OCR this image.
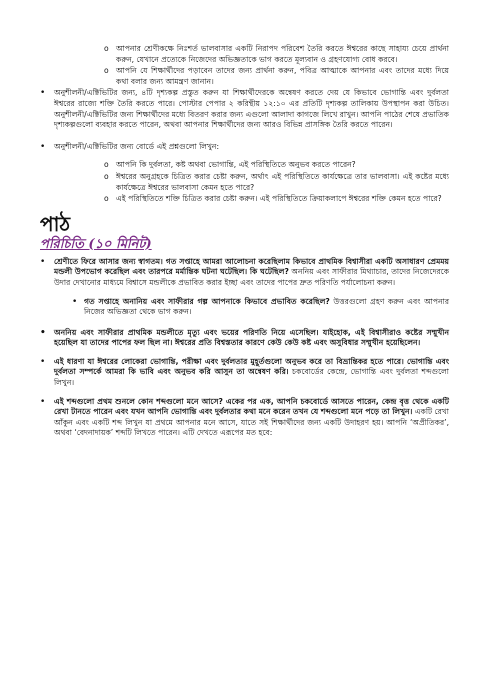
o আপনার শ্রেণীকক্ষে নিঃশর্ত ভালবাসার একটি নিরাপদ পরিবেশ তৈরি করতে ঈশ্বরের কাছে সাহায্য চেয়ে প্রার্থনা করুন, যেখানে প্রত্যেকে নিজেদের অভিজ্ঞতাকে ভাগ করতে মূল্যবান ও গ্রহণযোগ্য বোধ করবে।
o আপনি যে শিক্ষার্থীদের পড়াবেন তাদের জন্য প্রার্থনা করুন, পবিত্র আত্মাকে আপনার এবং তাদের মধ্যে দিয়ে কথা বলার জন্য আমন্ত্রণ জানান।
• অনুশীলনী/এক্টিভিটির জন্য, ৪টি দৃশ্যকল্প প্রস্তুত করুন যা শিক্ষার্থীদেরকে অন্বেষণ করতে দেয় যে কিভাবে ভোগান্তি এবং দুর্বলতা ঈশ্বরের রাজ্যে শক্তি তৈরি করতে পারে। পোস্টার পেপার ২ করিন্থীয় ১২:১০ এর প্রতিটি দৃশ্যকল্প তালিকায় উপস্থাপন করা উচিত। অনুশীলনী/এক্টিভিটির জন্য শিক্ষার্থীদের মধ্যে বিতরণ করার জন্য এগুলো আলাদা কাগজে লিখে রাখুন। আপনি পাঠের শেষে প্রভাতিক দৃশ্যকল্পগুলো ব্যবহার করতে পারেন, অথবা আপনার শিক্ষার্থীদের জন্য আরও বিভিন্ন প্রাসঙ্গিক তৈরি করতে পারেন।
• অনুশীলনী/এক্টিভিটির জন্য বোর্ডে এই প্রশ্নগুলো লিখুন:
o আপনি কি দুর্বলতা, কষ্ট অথবা ভোগান্তি, এই পরিস্থিতিতে অনুভব করতে পারেন?
o ঈশ্বরের অনুগ্রহকে চিত্রিত করার চেষ্টা করুন, অর্থাৎ এই পরিস্থিতিতে কার্যক্ষেত্রে তার ভালবাসা। এই কষ্টের মধ্যে কার্যক্ষেত্রে ঈশ্বরের ভালবাসা কেমন হতে পারে?
o এই পরিস্থিতিতে শক্তি চিত্রিত করার চেষ্টা করুন। এই পরিস্থিতিতে ক্রিয়াকলাপে ঈশ্বরের শক্তি কেমন হতে পারে?
পাঠ
পরিচিতি (১০ মিনিট)
• শ্রেণীতে ফিরে আসার জন্য স্বাগতম। গত সপ্তাহে আমরা আলোচনা করেছিলাম কিভাবে প্রাথমিক বিশ্বাসীরা একটি অসাধারণ প্রেমময় মন্ডলী উপভোগ করেছিল এবং তারপরে মর্মান্তিক ঘটনা ঘটেছিল। কি ঘটেছিল? অননিয় এবং সাফীরার মিথ্যাচার, তাদের নিজেদেরকে উদার দেখানোর মাধ্যমে বিশ্বাসে মন্ডলীকে প্রভাবিত করার ইচ্ছা এবং তাদের পাপের দ্রুত পরিণতি পর্যালোচনা করুন।
• গত সপ্তাহে অনানিয় এবং সাফীরার গল্প আপনাকে কিভাবে প্রভাবিত করেছিল? উত্তরগুলো গ্রহণ করুন এবং আপনার নিজের অভিজ্ঞতা থেকে ভাগ করুন।
• অননিয় এবং সাফীরার প্রাথমিক মন্ডলীতে মৃত্যু এবং ভয়ের পরিণতি নিয়ে এসেছিল। যাইহোক, এই বিশ্বাসীরাও কষ্টের সম্মুখীন হয়েছিল যা তাদের পাপের ফল ছিল না। ঈশ্বরের প্রতি বিশ্বস্ততার কারণে কেউ কেউ কষ্ট এবং অসুবিধার সম্মুখীন হয়েছিলেন।
• এই ধারণা যা ঈশ্বরের লোকেরা ভোগান্তি, পরীক্ষা এবং দুর্বলতার মুহূর্তগুলো অনুভব করে তা বিভ্রান্তিকর হতে পারে। ভোগান্তি এবং দুর্বলতা সম্পর্কে আমরা কি ভাবি এবং অনুভব করি আসুন তা অন্বেষণ করি। চকবোর্ডের কেন্দ্রে, ভোগান্তি এবং দুর্বলতা শব্দগুলো লিখুন।
• এই শব্দগুলো প্রথম শুনলে কোন শব্দগুলো মনে আসে? একের পর এক, আপনি চকবোর্ডে আসতে পারেন, কেন্দ্র বৃত্ত থেকে একটি রেখা টানতে পারেন এবং যখন আপনি ভোগান্তি এবং দুর্বলতার কথা মনে করেন তখন যে শব্দগুলো মনে পড়ে তা লিখুন। একটি রেখা আঁকুন এবং একটি শব্দ লিখুন যা প্রথমে আপনার মনে আসে, যাতে সই শিক্ষার্থীদের জন্য একটি উদাহরণ হয়। আপনি ‘অপ্রীতিকর’, অথবা ‘বেদনাদায়ক’ শব্দটি লিখতে পারেন। এটি দেখতে এরূপের মত হবে:
